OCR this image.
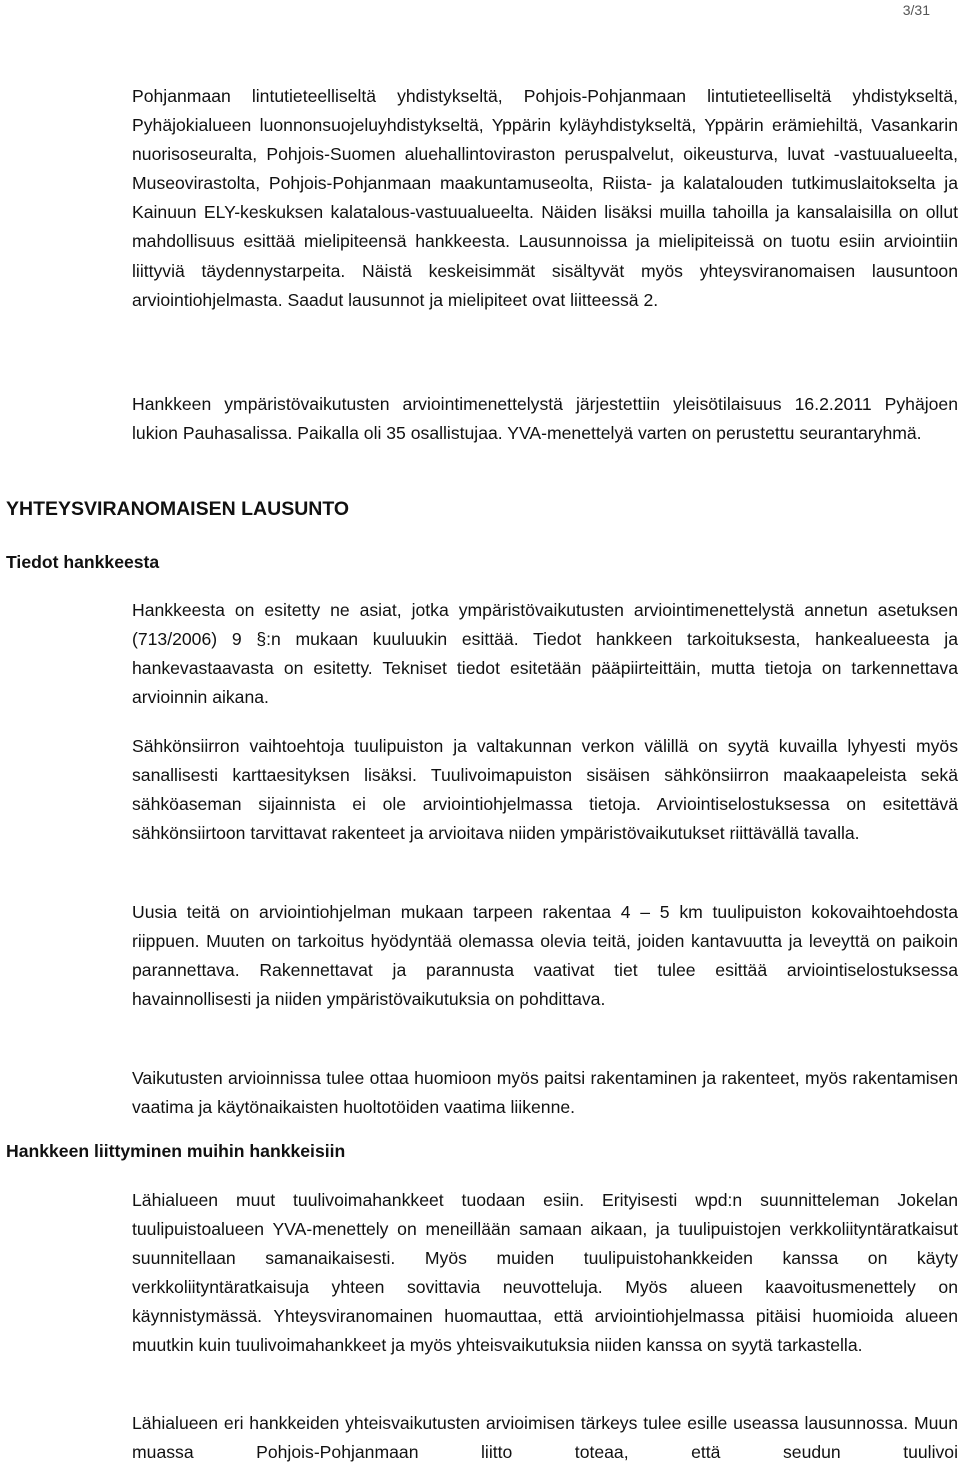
3/31

Pohjanmaan lintutieteelliseltä yhdistykseltä, Pohjois-Pohjanmaan lintutieteelliseltä yhdistykseltä, Pyhäjokialueen luonnonsuojeluyhdistykseltä, Yppärin kyläyhdistykseltä, Yppärin erämiehiltä, Vasankarin nuorisoseuralta, Pohjois-Suomen aluehallintoviraston peruspalvelut, oikeusturva, luvat -vastuualueelta, Museovirastolta, Pohjois-Pohjanmaan maakuntamuseolta, Riista- ja kalatalouden tutkimuslaitokselta ja Kainuun ELY-keskuksen kalatalous-vastuualueelta. Näiden lisäksi muilla tahoilla ja kansalaisilla on ollut mahdollisuus esittää mielipiteensä hankkeesta. Lausunnoissa ja mielipiteissä on tuotu esiin arviointiin liittyviä täydennystarpeita. Näistä keskeisimmät sisältyvät myös yhteysviranomaisen lausuntoon arviointiohjelmasta. Saadut lausunnot ja mielipiteet ovat liitteessä 2.

Hankkeen ympäristövaikutusten arviointimenettelystä järjestettiin yleisötilaisuus 16.2.2011 Pyhäjoen lukion Pauhasalissa. Paikalla oli 35 osallistujaa. YVA-menettelyä varten on perustettu seurantaryhmä.

YHTEYSVIRANOMAISEN LAUSUNTO
Tiedot hankkeesta

Hankkeesta on esitetty ne asiat, jotka ympäristövaikutusten arviointimenettelystä annetun asetuksen (713/2006) 9 §:n mukaan kuuluukin esittää. Tiedot hankkeen tarkoituksesta, hankealueesta ja hankevastaavasta on esitetty. Tekniset tiedot esitetään pääpiirteittäin, mutta tietoja on tarkennettava arvioinnin aikana.

Sähkönsiirron vaihtoehtoja tuulipuiston ja valtakunnan verkon välillä on syytä kuvailla lyhyesti myös sanallisesti karttaesityksen lisäksi. Tuulivoimapuiston sisäisen sähkönsiirron maakaapeleista sekä sähköaseman sijainnista ei ole arviointiohjelmassa tietoja. Arviointiselostuksessa on esitettävä sähkönsiirtoon tarvittavat rakenteet ja arvioitava niiden ympäristövaikutukset riittävällä tavalla.

Uusia teitä on arviointiohjelman mukaan tarpeen rakentaa 4 – 5 km tuulipuiston kokovaihtoehdosta riippuen. Muuten on tarkoitus hyödyntää olemassa olevia teitä, joiden kantavuutta ja leveyttä on paikoin parannettava. Rakennettavat ja parannusta vaativat tiet tulee esittää arviointiselostuksessa havainnollisesti ja niiden ympäristövaikutuksia on pohdittava.

Vaikutusten arvioinnissa tulee ottaa huomioon myös paitsi rakentaminen ja rakenteet, myös rakentamisen vaatima ja käytönaikaisten huoltotöiden vaatima liikenne.

Hankkeen liittyminen muihin hankkeisiin

Lähialueen muut tuulivoimahankkeet tuodaan esiin. Erityisesti wpd:n suunnitteleman Jokelan tuulipuistoalueen YVA-menettely on meneillään samaan aikaan, ja tuulipuistojen verkkoliityntäratkaisut suunnitellaan samanaikaisesti. Myös muiden tuulipuistohankkeiden kanssa on käyty verkkoliityntäratkaisuja yhteen sovittavia neuvotteluja. Myös alueen kaavoitusmenettely on käynnistymässä. Yhteysviranomainen huomauttaa, että arviointiohjelmassa pitäisi huomioida alueen muutkin kuin tuulivoimahankkeet ja myös yhteisvaikutuksia niiden kanssa on syytä tarkastella.

Lähialueen eri hankkeiden yhteisvaikutusten arvioimisen tärkeys tulee esille useassa lausunnossa. Muun muassa Pohjois-Pohjanmaan liitto toteaa, että seudun tuulivoi
